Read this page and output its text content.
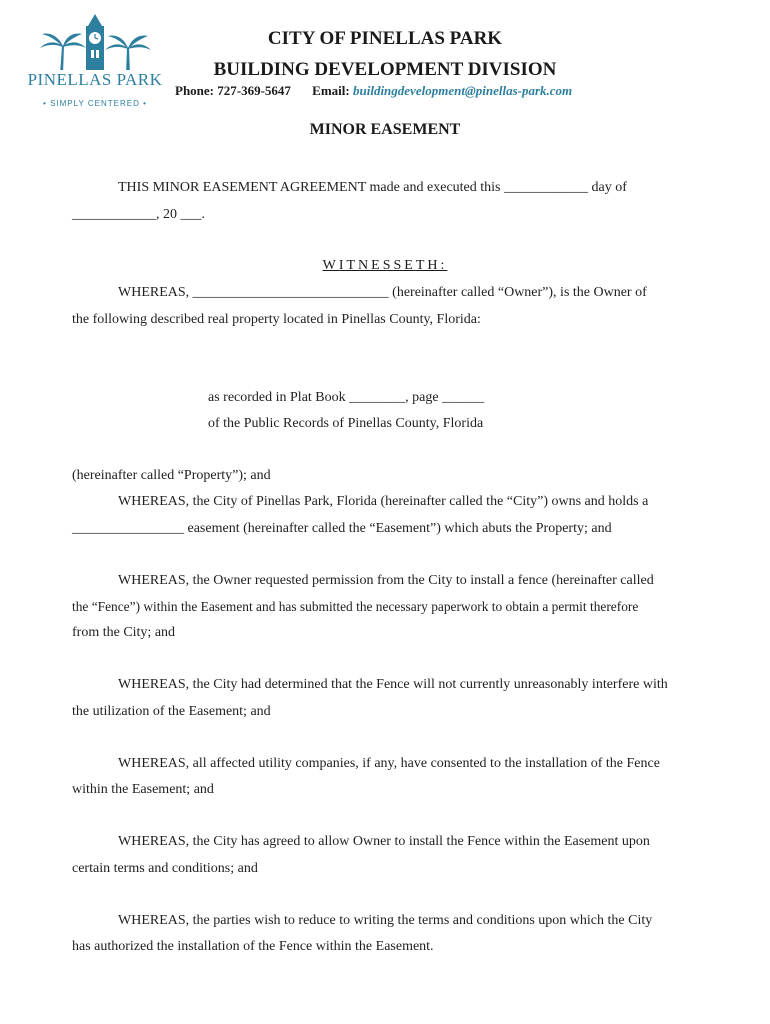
PINELLAS PARK
• SIMPLY CENTERED •
CITY OF PINELLAS PARK
BUILDING DEVELOPMENT DIVISION
Phone: 727-369-5647 Email: buildingdevelopment@pinellas-park.com
MINOR EASEMENT
THIS MINOR EASEMENT AGREEMENT made and executed this ____________ day of
____________, 20 ___.
WITNESSETH:
WHEREAS, ____________________________ (hereinafter called “Owner”), is the Owner of
the following described real property located in Pinellas County, Florida:
as recorded in Plat Book ________, page ______
of the Public Records of Pinellas County, Florida
(hereinafter called “Property”); and
WHEREAS, the City of Pinellas Park, Florida (hereinafter called the “City”) owns and holds a
________________ easement (hereinafter called the “Easement”) which abuts the Property; and
WHEREAS, the Owner requested permission from the City to install a fence (hereinafter called
the “Fence”) within the Easement and has submitted the necessary paperwork to obtain a permit therefore
from the City; and
WHEREAS, the City had determined that the Fence will not currently unreasonably interfere with
the utilization of the Easement; and
WHEREAS, all affected utility companies, if any, have consented to the installation of the Fence
within the Easement; and
WHEREAS, the City has agreed to allow Owner to install the Fence within the Easement upon
certain terms and conditions; and
WHEREAS, the parties wish to reduce to writing the terms and conditions upon which the City
has authorized the installation of the Fence within the Easement.
